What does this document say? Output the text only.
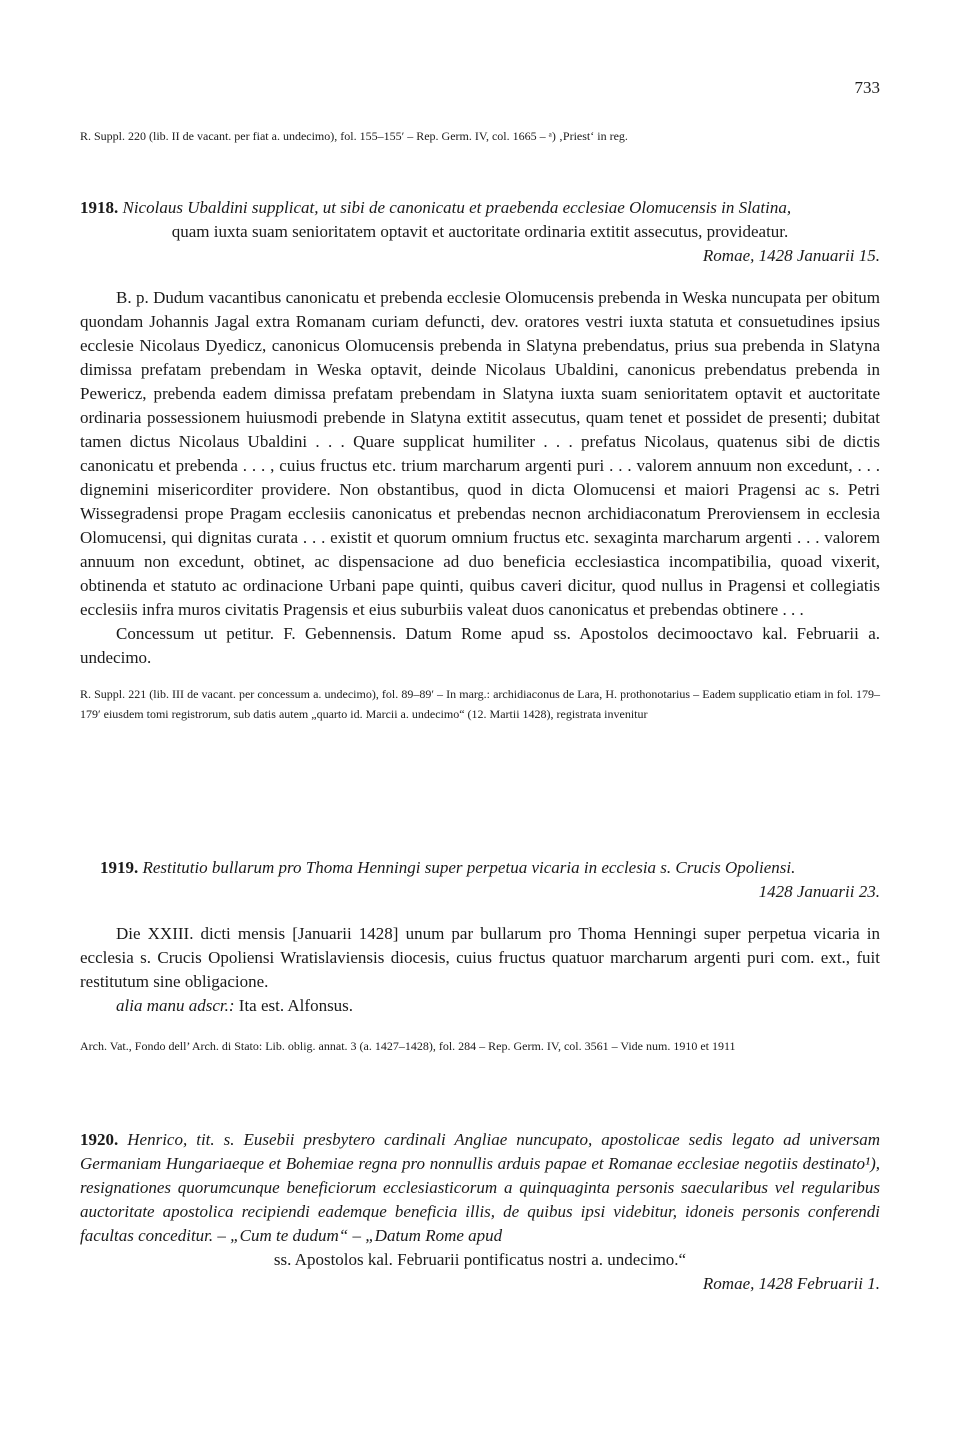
733

R. Suppl. 220 (lib. II de vacant. per fiat a. undecimo), fol. 155–155′ – Rep. Germ. IV, col. 1665 – ᵃ) ‚Priest‘ in reg.

1918. Nicolaus Ubaldini supplicat, ut sibi de canonicatu et praebenda ecclesiae Olomucensis in Slatina,
quam iuxta suam senioritatem optavit et auctoritate ordinaria extitit assecutus, provideatur.
Romae, 1428 Januarii 15.

B. p. Dudum vacantibus canonicatu et prebenda ecclesie Olomucensis prebenda in Weska nuncupata per obitum quondam Johannis Jagal extra Romanam curiam defuncti, dev. oratores vestri iuxta statuta et consuetudines ipsius ecclesie Nicolaus Dyedicz, canonicus Olomucensis prebenda in Slatyna prebendatus, prius sua prebenda in Slatyna dimissa prefatam prebendam in Weska optavit, deinde Nicolaus Ubaldini, canonicus prebendatus prebenda in Pewericz, prebenda eadem dimissa prefatam prebendam in Slatyna iuxta suam senioritatem optavit et auctoritate ordinaria possessionem huiusmodi prebende in Slatyna extitit assecutus, quam tenet et possidet de presenti; dubitat tamen dictus Nicolaus Ubaldini . . . Quare supplicat humiliter . . . prefatus Nicolaus, quatenus sibi de dictis canonicatu et prebenda . . . , cuius fructus etc. trium marcharum argenti puri . . . valorem annuum non excedunt, . . . dignemini misericorditer providere. Non obstantibus, quod in dicta Olomucensi et maiori Pragensi ac s. Petri Wissegradensi prope Pragam ecclesiis canonicatus et prebendas necnon archidiaconatum Preroviensem in ecclesia Olomucensi, qui dignitas curata . . . existit et quorum omnium fructus etc. sexaginta marcharum argenti . . . valorem annuum non excedunt, obtinet, ac dispensacione ad duo beneficia ecclesiastica incompatibilia, quoad vixerit, obtinenda et statuto ac ordinacione Urbani pape quinti, quibus caveri dicitur, quod nullus in Pragensi et collegiatis ecclesiis infra muros civitatis Pragensis et eius suburbiis valeat duos canonicatus et prebendas obtinere . . .

Concessum ut petitur. F. Gebennensis. Datum Rome apud ss. Apostolos decimooctavo kal. Februarii a. undecimo.

R. Suppl. 221 (lib. III de vacant. per concessum a. undecimo), fol. 89–89′ – In marg.: archidiaconus de Lara, H. prothonotarius – Eadem supplicatio etiam in fol. 179–179′ eiusdem tomi registrorum, sub datis autem „quarto id. Marcii a. undecimo“ (12. Martii 1428), registrata invenitur

1919. Restitutio bullarum pro Thoma Henningi super perpetua vicaria in ecclesia s. Crucis Opoliensi.
1428 Januarii 23.

Die XXIII. dicti mensis [Januarii 1428] unum par bullarum pro Thoma Henningi super perpetua vicaria in ecclesia s. Crucis Opoliensi Wratislaviensis diocesis, cuius fructus quatuor marcharum argenti puri com. ext., fuit restitutum sine obligacione.

alia manu adscr.: Ita est. Alfonsus.

Arch. Vat., Fondo dell’ Arch. di Stato: Lib. oblig. annat. 3 (a. 1427–1428), fol. 284 – Rep. Germ. IV, col. 3561 – Vide num. 1910 et 1911

1920. Henrico, tit. s. Eusebii presbytero cardinali Angliae nuncupato, apostolicae sedis legato ad universam Germaniam Hungariaeque et Bohemiae regna pro nonnullis arduis papae et Romanae ecclesiae negotiis destinato¹), resignationes quorumcunque beneficiorum ecclesiasticorum a quinquaginta personis saecularibus vel regularibus auctoritate apostolica recipiendi eademque beneficia illis, de quibus ipsi videbitur, idoneis personis conferendi facultas conceditur. – „Cum te dudum“ – „Datum Rome apud
ss. Apostolos kal. Februarii pontificatus nostri a. undecimo.“
Romae, 1428 Februarii 1.
